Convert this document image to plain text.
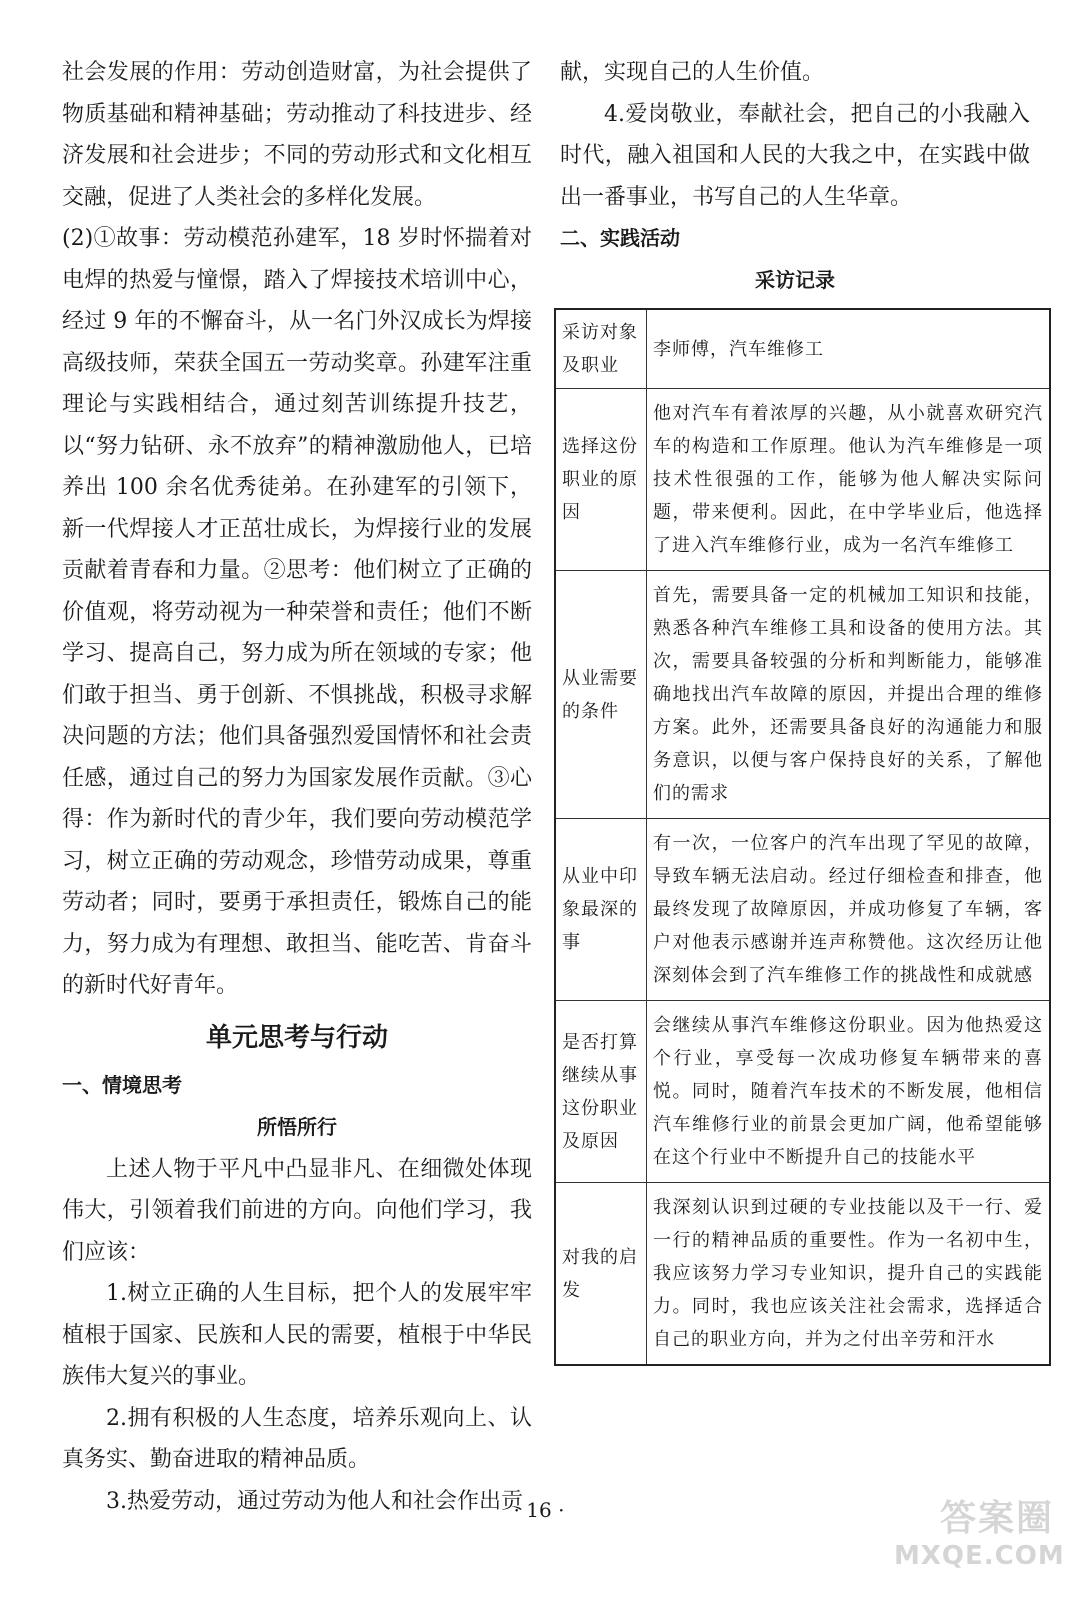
社会发展的作用：劳动创造财富，为社会提供了物质基础和精神基础；劳动推动了科技进步、经济发展和社会进步；不同的劳动形式和文化相互交融，促进了人类社会的多样化发展。

(2)①故事：劳动模范孙建军，18 岁时怀揣着对电焊的热爱与憧憬，踏入了焊接技术培训中心，经过 9 年的不懈奋斗，从一名门外汉成长为焊接高级技师，荣获全国五一劳动奖章。孙建军注重理论与实践相结合，通过刻苦训练提升技艺，以“努力钻研、永不放弃”的精神激励他人，已培养出 100 余名优秀徒弟。在孙建军的引领下，新一代焊接人才正茁壮成长，为焊接行业的发展贡献着青春和力量。②思考：他们树立了正确的价值观，将劳动视为一种荣誉和责任；他们不断学习、提高自己，努力成为所在领域的专家；他们敢于担当、勇于创新、不惧挑战，积极寻求解决问题的方法；他们具备强烈爱国情怀和社会责任感，通过自己的努力为国家发展作贡献。③心得：作为新时代的青少年，我们要向劳动模范学习，树立正确的劳动观念，珍惜劳动成果，尊重劳动者；同时，要勇于承担责任，锻炼自己的能力，努力成为有理想、敢担当、能吃苦、肯奋斗的新时代好青年。

单元思考与行动
一、情境思考
所悟所行

上述人物于平凡中凸显非凡、在细微处体现伟大，引领着我们前进的方向。向他们学习，我们应该：

1.树立正确的人生目标，把个人的发展牢牢植根于国家、民族和人民的需要，植根于中华民族伟大复兴的事业。

2.拥有积极的人生态度，培养乐观向上、认真务实、勤奋进取的精神品质。

3.热爱劳动，通过劳动为他人和社会作出贡

献，实现自己的人生价值。

4.爱岗敬业，奉献社会，把自己的小我融入时代，融入祖国和人民的大我之中，在实践中做出一番事业，书写自己的人生华章。

二、实践活动
采访记录
采访对象及职业	李师傅，汽车维修工
选择这份职业的原因	他对汽车有着浓厚的兴趣，从小就喜欢研究汽车的构造和工作原理。他认为汽车维修是一项技术性很强的工作，能够为他人解决实际问题，带来便利。因此，在中学毕业后，他选择了进入汽车维修行业，成为一名汽车维修工
从业需要的条件	首先，需要具备一定的机械加工知识和技能，熟悉各种汽车维修工具和设备的使用方法。其次，需要具备较强的分析和判断能力，能够准确地找出汽车故障的原因，并提出合理的维修方案。此外，还需要具备良好的沟通能力和服务意识，以便与客户保持良好的关系，了解他们的需求
从业中印象最深的事	有一次，一位客户的汽车出现了罕见的故障，导致车辆无法启动。经过仔细检查和排查，他最终发现了故障原因，并成功修复了车辆，客户对他表示感谢并连声称赞他。这次经历让他深刻体会到了汽车维修工作的挑战性和成就感
是否打算继续从事这份职业及原因	会继续从事汽车维修这份职业。因为他热爱这个行业，享受每一次成功修复车辆带来的喜悦。同时，随着汽车技术的不断发展，他相信汽车维修行业的前景会更加广阔，他希望能够在这个行业中不断提升自己的技能水平
对我的启发	我深刻认识到过硬的专业技能以及干一行、爱一行的精神品质的重要性。作为一名初中生，我应该努力学习专业知识，提升自己的实践能力。同时，我也应该关注社会需求，选择适合自己的职业方向，并为之付出辛劳和汗水
· 16 ·	答案圈
MXQE.COM
